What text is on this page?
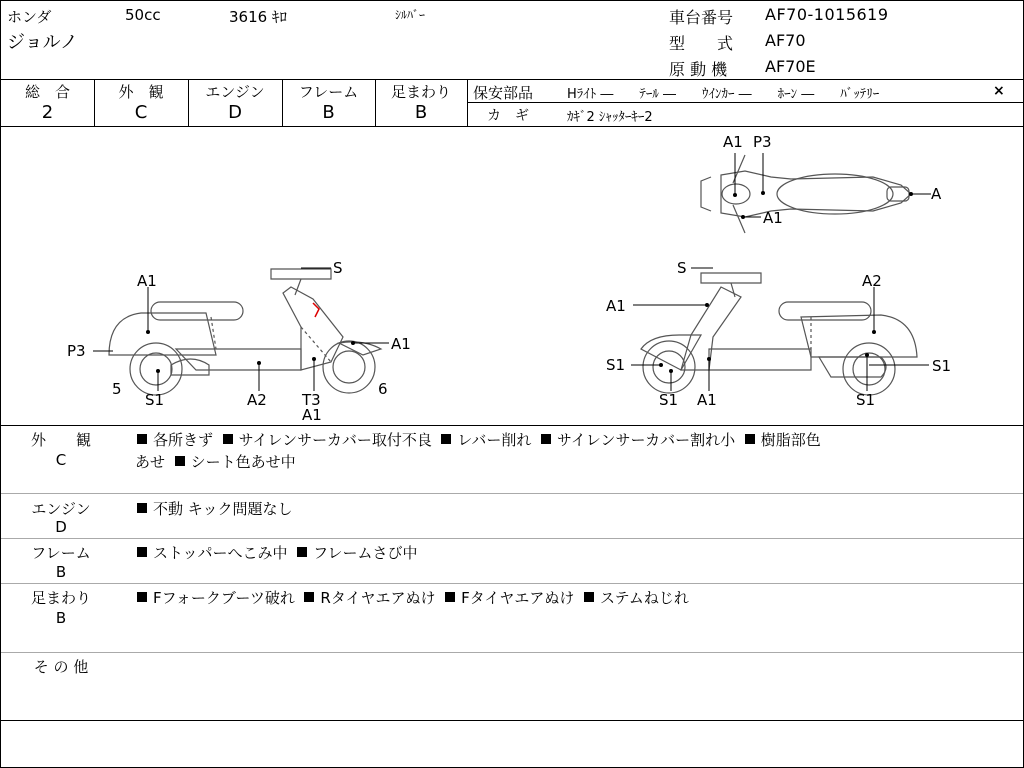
ホンダ	50cc	3616 ｷﾛ	ｼﾙﾊﾞｰ
ジョルノ
車台番号 AF70-1015619
型　　式 AF70
原 動 機 AF70E
総　合
2
外　観
C
エンジン
D
フレーム
B
足まわり
B
保安部品	Hﾗｲﾄ ―　　ﾃｰﾙ ―　　ｳｲﾝｶｰ ―　　ﾎｰﾝ ―　　ﾊﾞｯﾃﾘｰ	×
カ　ギ	ｶｷﾞ2 ｼｬｯﾀｰｷｰ2
A1 P3
A
A1
S
A1
P3	A1
5
S1	A2 T3
A1
6
S
A1
A2
S1	S1
S1 A1	S1
外　　観
C
各所きず サイレンサーカバー取付不良 レバー削れ サイレンサーカバー割れ小 樹脂部色
あせ シート色あせ中
エンジン
D
不動 キック問題なし
フレーム
B
ストッパーへこみ中 フレームさび中
足まわり
B
Fフォークブーツ破れ Rタイヤエアぬけ Fタイヤエアぬけ ステムねじれ
そ の 他
